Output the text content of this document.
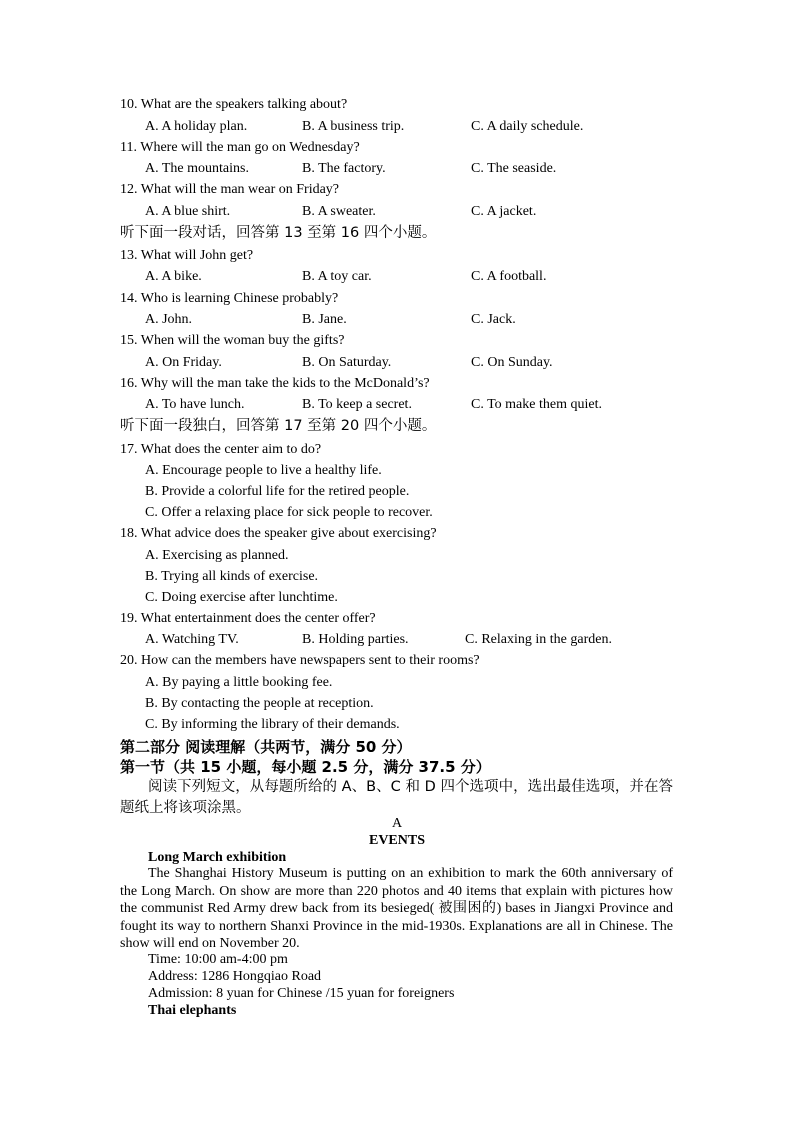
10. What are the speakers talking about?
A. A holiday plan.	B. A business trip.	C. A daily schedule.
11. Where will the man go on Wednesday?
A. The mountains.	B. The factory.	C. The seaside.
12. What will the man wear on Friday?
A. A blue shirt.	B. A sweater.	C. A jacket.
听下面一段对话，回答第 13 至第 16 四个小题。
13. What will John get?
A. A bike.	B. A toy car.	C. A football.
14. Who is learning Chinese probably?
A. John.	B. Jane.	C. Jack.
15. When will the woman buy the gifts?
A. On Friday.	B. On Saturday.	C. On Sunday.
16. Why will the man take the kids to the McDonald’s?
A. To have lunch.	B. To keep a secret.	C. To make them quiet.
听下面一段独白，回答第 17 至第 20 四个小题。
17. What does the center aim to do?
A. Encourage people to live a healthy life.
B. Provide a colorful life for the retired people.
C. Offer a relaxing place for sick people to recover.
18. What advice does the speaker give about exercising?
A. Exercising as planned.
B. Trying all kinds of exercise.
C. Doing exercise after lunchtime.
19. What entertainment does the center offer?
A. Watching TV.	B. Holding parties.	C. Relaxing in the garden.
20. How can the members have newspapers sent to their rooms?
A. By paying a little booking fee.
B. By contacting the people at reception.
C. By informing the library of their demands.
第二部分 阅读理解（共两节，满分 50 分）
第一节（共 15 小题，每小题 2.5 分，满分 37.5 分）
阅读下列短文，从每题所给的 A、B、C 和 D 四个选项中，选出最佳选项，并在答题纸上将该项涂黑。
A
EVENTS
Long March exhibition
The Shanghai History Museum is putting on an exhibition to mark the 60th anniversary of the Long March. On show are more than 220 photos and 40 items that explain with pictures how the communist Red Army drew back from its besieged( 被围困的) bases in Jiangxi Province and fought its way to northern Shanxi Province in the mid-1930s. Explanations are all in Chinese. The show will end on November 20.
Time: 10:00 am-4:00 pm
Address: 1286 Hongqiao Road
Admission: 8 yuan for Chinese /15 yuan for foreigners
Thai elephants
